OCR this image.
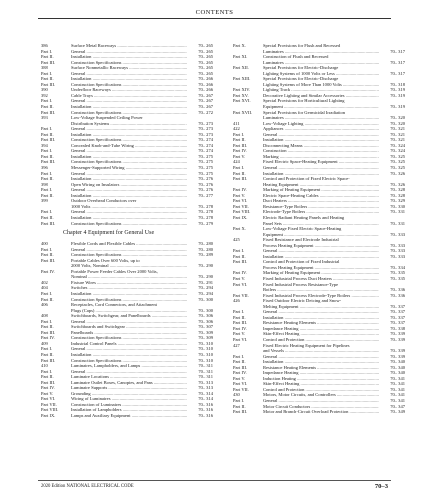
CONTENTS
386	Surface Metal Raceways .....	70– 265
Part I.	General .....	70– 265
Part II.	Installation .....	70– 265
Part III.	Construction Specifications .....	70– 265
388	Surface Nonmetallic Raceways .....	70– 265
Part I.	General .....	70– 265
Part II.	Installation .....	70– 266
Part III.	Construction Specifications .....	70– 266
390	Underfloor Raceways .....	70– 266
392	Cable Trays .....	70– 267
Part I.	General .....	70– 267
Part II.	Installation .....	70– 267
Part III.	Construction Specifications .....	70– 272
393	Low-Voltage Suspended Ceiling Power
Distribution Systems .....	70– 273
Part I.	General .....	70– 273
Part II.	Installation .....	70– 273
Part III.	Construction Specifications .....	70– 274
394	Concealed Knob-and-Tube Wiring .....	70– 274
Part I.	General .....	70– 274
Part II.	Installation .....	70– 275
Part III.	Construction Specifications .....	70– 275
396	Messenger-Supported Wiring .....	70– 275
Part I.	General .....	70– 275
Part II.	Installation .....	70– 276
398	Open Wiring on Insulators .....	70– 276
Part I.	General .....	70– 276
Part II.	Installation .....	70– 277
399	Outdoor Overhead Conductors over
1000 Volts .....	70– 278
Part I.	General .....	70– 278
Part II.	Installation .....	70– 278
Part III.	Construction Specifications .....	70– 279
Chapter 4 Equipment for General Use
400	Flexible Cords and Flexible Cables .....	70– 280
Part I.	General .....	70– 280
Part II.	Construction Specifications .....	70– 289
Part III.	Portable Cables Over 600 Volts, up to
2000 Volts, Nominal .....	70– 290
Part IV.	Portable Power Feeder Cables Over 2000 Volts,
Nominal .....	70– 290
402	Fixture Wires .....	70– 291
404	Switches .....	70– 294
Part I.	Installation .....	70– 294
Part II.	Construction Specifications .....	70– 300
406	Receptacles, Cord Connectors, and Attachment
Plugs (Caps) .....	70– 300
408	Switchboards, Switchgear, and Panelboards .....	70– 306
Part I.	General .....	70– 306
Part II.	Switchboards and Switchgear .....	70– 307
Part III.	Panelboards .....	70– 309
Part IV.	Construction Specifications .....	70– 309
409	Industrial Control Panels .....	70– 310
Part I.	General .....	70– 310
Part II.	Installation .....	70– 310
Part III.	Construction Specifications .....	70– 310
410	Luminaires, Lampholders, and Lamps .....	70– 311
Part I.	General .....	70– 311
Part II.	Luminaire Locations .....	70– 311
Part III.	Luminaire Outlet Boxes, Canopies, and Pans .....	70– 313
Part IV.	Luminaire Supports .....	70– 313
Part V.	Grounding .....	70– 314
Part VI.	Wiring of Luminaires .....	70– 314
Part VII.	Construction of Luminaires .....	70– 316
Part VIII.	Installation of Lampholders .....	70– 316
Part IX.	Lamps and Auxiliary Equipment .....	70– 316
Part X.	Special Provisions for Flush and Recessed
Luminaires .....	70– 317
Part XI.	Construction of Flush and Recessed
Luminaires .....	70– 317
Part XII.	Special Provisions for Electric-Discharge
Lighting Systems of 1000 Volts or Less .....	70– 317
Part XIII.	Special Provisions for Electric-Discharge
Lighting Systems of More Than 1000 Volts .....	70– 318
Part XIV.	Lighting Track .....	70– 319
Part XV.	Decorative Lighting and Similar Accessories .....	70– 319
Part XVI.	Special Provisions for Horticultural Lighting
Equipment .....	70– 319
Part XVII. Special Provisions for Germicidal Irradiation
Luminaires .....	70– 320
411	Low-Voltage Lighting .....	70– 320
422	Appliances .....	70– 321
Part I.	General .....	70– 321
Part II.	Installation .....	70– 321
Part III.	Disconnecting Means .....	70– 324
Part IV.	Construction .....	70– 324
Part V.	Marking .....	70– 325
424	Fixed Electric Space-Heating Equipment .....	70– 325
Part I.	General .....	70– 325
Part II.	Installation .....	70– 326
Part III.	Control and Protection of Fixed Electric Space-
Heating Equipment .....	70– 326
Part IV.	Marking of Heating Equipment .....	70– 328
Part V.	Electric Space-Heating Cables .....	70– 328
Part VI.	Duct Heaters .....	70– 329
Part VII.	Resistance-Type Boilers .....	70– 330
Part VIII.	Electrode-Type Boilers .....	70– 331
Part IX.	Electric Radiant Heating Panels and Heating
Panel Sets .....	70– 331
Part X.	Low-Voltage Fixed Electric Space-Heating
Equipment .....	70– 333
425	Fixed Resistance and Electrode Industrial
Process Heating Equipment .....	70– 333
Part I.	General .....	70– 333
Part II.	Installation .....	70– 333
Part III.	Control and Protection of Fixed Industrial
Process Heating Equipment .....	70– 334
Part IV.	Marking of Heating Equipment .....	70– 335
Part V.	Fixed Industrial Process Duct Heaters .....	70– 335
Part VI.	Fixed Industrial Process Resistance-Type
Boilers .....	70– 336
Part VII.	Fixed Industrial Process Electrode-Type Boilers .....	70– 336
426	Fixed Outdoor Electric Deicing and Snow-
Melting Equipment .....	70– 337
Part I.	General .....	70– 337
Part II.	Installation .....	70– 337
Part III.	Resistance Heating Elements .....	70– 337
Part IV.	Impedance Heating .....	70– 338
Part V.	Skin-Effect Heating .....	70– 339
Part VI.	Control and Protection .....	70– 339
427	Fixed Electric Heating Equipment for Pipelines
and Vessels .....	70– 339
Part I.	General .....	70– 339
Part II.	Installation .....	70– 340
Part III.	Resistance Heating Elements .....	70– 340
Part IV.	Impedance Heating .....	70– 340
Part V.	Induction Heating .....	70– 341
Part VI.	Skin-Effect Heating .....	70– 341
Part VII.	Control and Protection .....	70– 341
430	Motors, Motor Circuits, and Controllers .....	70– 341
Part I.	General .....	70– 341
Part II.	Motor Circuit Conductors .....	70– 347
Part III.	Motor and Branch-Circuit Overload Protection .....	70– 349
2020 Edition NATIONAL ELECTRICAL CODE	70–3
